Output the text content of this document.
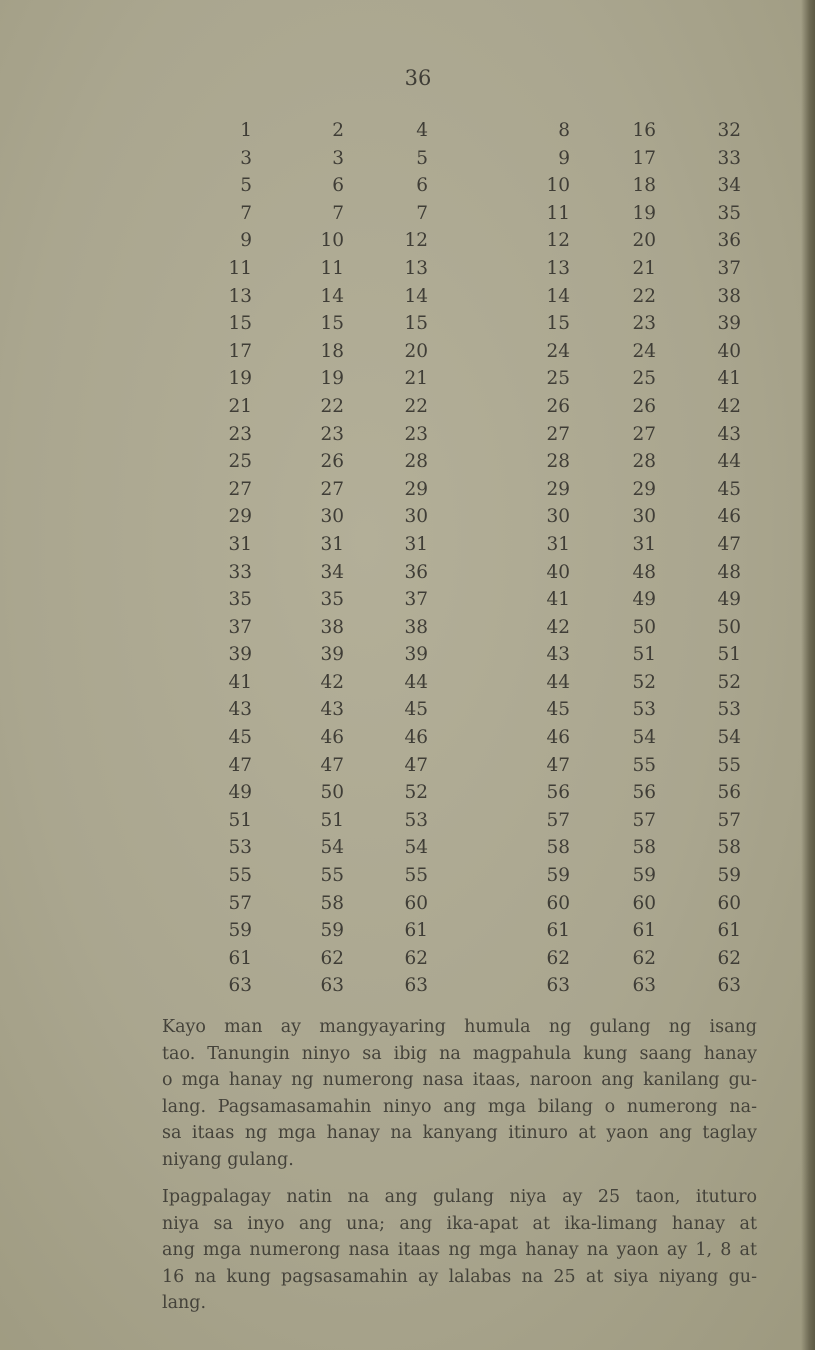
36
1
3
5
7
9
11
13
15
17
19
21
23
25
27
29
31
33
35
37
39
41
43
45
47
49
51
53
55
57
59
61
63
2
3
6
7
10
11
14
15
18
19
22
23
26
27
30
31
34
35
38
39
42
43
46
47
50
51
54
55
58
59
62
63
4
5
6
7
12
13
14
15
20
21
22
23
28
29
30
31
36
37
38
39
44
45
46
47
52
53
54
55
60
61
62
63
8
9
10
11
12
13
14
15
24
25
26
27
28
29
30
31
40
41
42
43
44
45
46
47
56
57
58
59
60
61
62
63
16
17
18
19
20
21
22
23
24
25
26
27
28
29
30
31
48
49
50
51
52
53
54
55
56
57
58
59
60
61
62
63
32
33
34
35
36
37
38
39
40
41
42
43
44
45
46
47
48
49
50
51
52
53
54
55
56
57
58
59
60
61
62
63

Kayo man ay mangyayaring humula ng gulang ng isang
tao. Tanungin ninyo sa ibig na magpahula kung saang hanay
o mga hanay ng numerong nasa itaas, naroon ang kanilang gu-
lang. Pagsamasamahin ninyo ang mga bilang o numerong na-
sa itaas ng mga hanay na kanyang itinuro at yaon ang taglay
niyang gulang.

Ipagpalagay natin na ang gulang niya ay 25 taon, ituturo
niya sa inyo ang una; ang ika-apat at ika-limang hanay at
ang mga numerong nasa itaas ng mga hanay na yaon ay 1, 8 at
16 na kung pagsasamahin ay lalabas na 25 at siya niyang gu-
lang.
